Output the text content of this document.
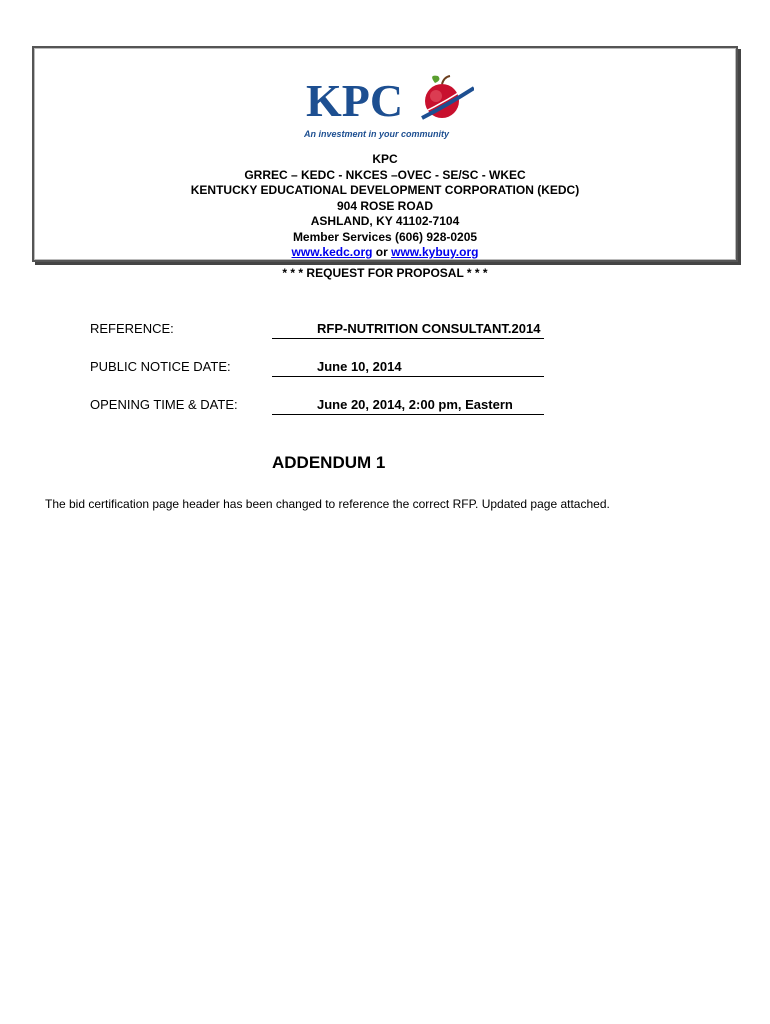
KPC
An investment in your community
KPC
GRREC – KEDC - NKCES –OVEC - SE/SC - WKEC
KENTUCKY EDUCATIONAL DEVELOPMENT CORPORATION (KEDC)
904 ROSE ROAD
ASHLAND, KY 41102-7104
Member Services (606) 928-0205
www.kedc.org or www.kybuy.org
* * * REQUEST FOR PROPOSAL * * *
REFERENCE:	RFP-NUTRITION CONSULTANT.2014
PUBLIC NOTICE DATE:	June 10, 2014
OPENING TIME & DATE:	June 20, 2014, 2:00 pm, Eastern
ADDENDUM 1
The bid certification page header has been changed to reference the correct RFP. Updated page attached.
